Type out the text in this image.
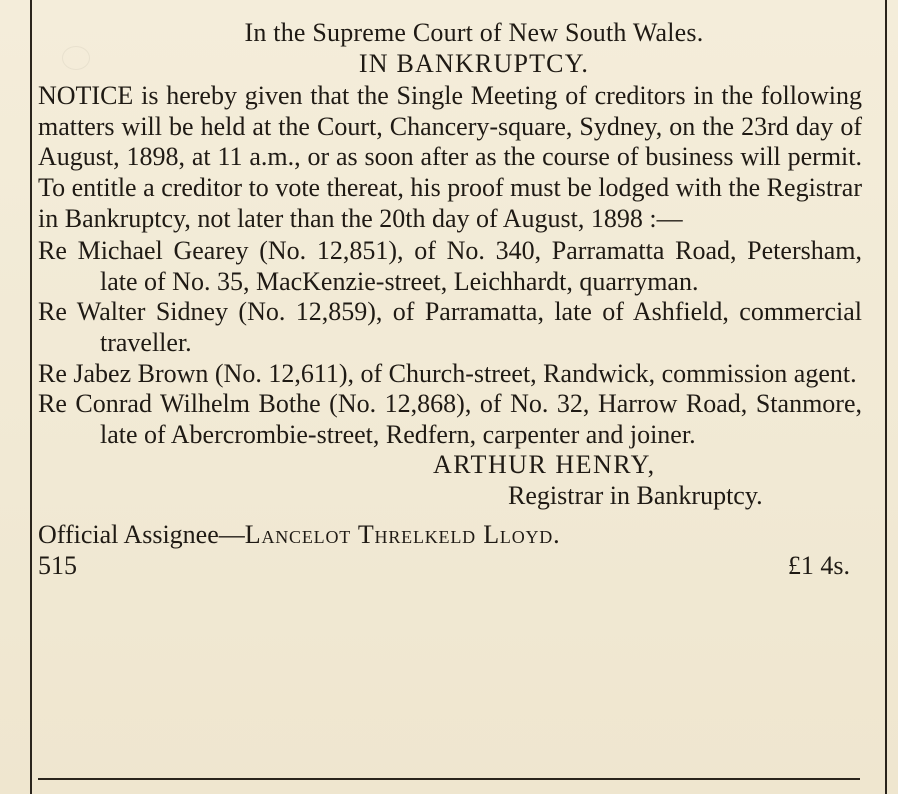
In the Supreme Court of New South Wales.
IN BANKRUPTCY.
NOTICE is hereby given that the Single Meeting of creditors in the following matters will be held at the Court, Chancery-square, Sydney, on the 23rd day of August, 1898, at 11 a.m., or as soon after as the course of business will permit. To entitle a creditor to vote thereat, his proof must be lodged with the Registrar in Bankruptcy, not later than the 20th day of August, 1898 :—
Re Michael Gearey (No. 12,851), of No. 340, Parramatta Road, Petersham, late of No. 35, MacKenzie-street, Leichhardt, quarryman.
Re Walter Sidney (No. 12,859), of Parramatta, late of Ashfield, commercial traveller.
Re Jabez Brown (No. 12,611), of Church-street, Randwick, commission agent.
Re Conrad Wilhelm Bothe (No. 12,868), of No. 32, Harrow Road, Stanmore, late of Abercrombie-street, Redfern, carpenter and joiner.
ARTHUR HENRY,
Registrar in Bankruptcy.
Official Assignee—Lancelot Threlkeld Lloyd.
515	£1 4s.
